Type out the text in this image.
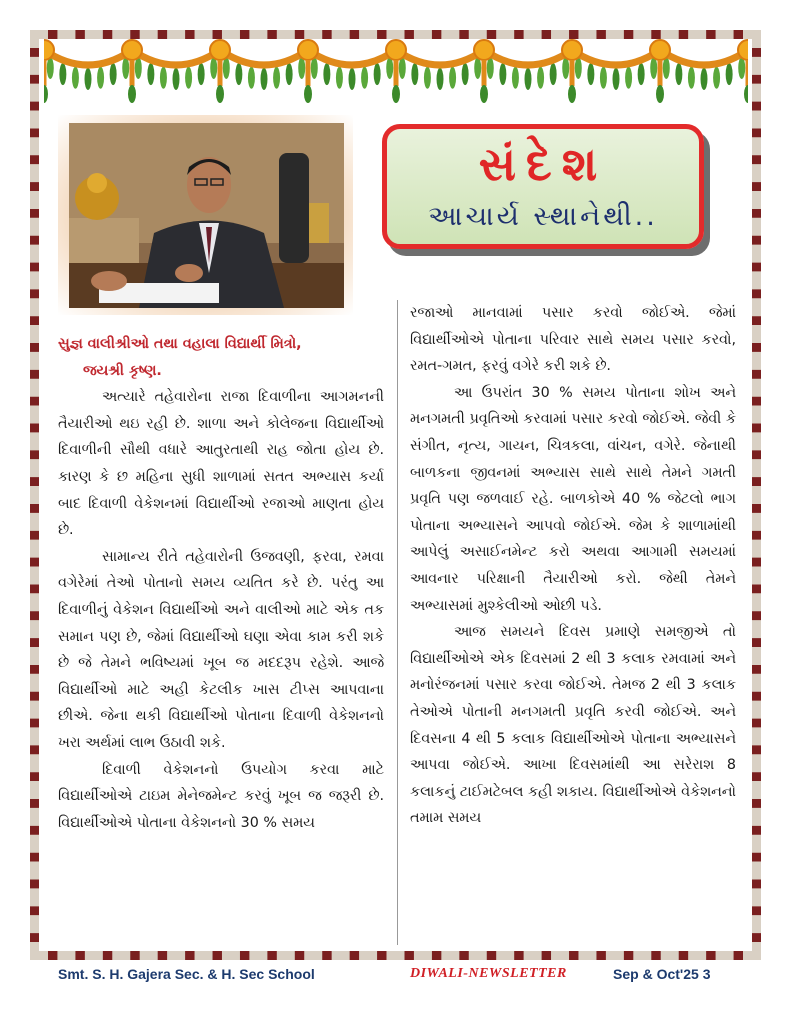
સંદેશ
આચાર્ય સ્થાનેથી..

સુજ્ઞ વાલીશ્રીઓ તથા વહાલા વિદ્યાર્થી મિત્રો,

જયશ્રી કૃષ્ણ.

અત્યારે તહેવારોના રાજા દિવાળીના આગમનની તૈયારીઓ થઇ રહી છે. શાળા અને કોલેજના વિદ્યાર્થીઓ દિવાળીની સૌથી વધારે આતુરતાથી રાહ જોતા હોય છે. કારણ કે છ મહિના સુધી શાળામાં સતત અભ્યાસ કર્યા બાદ દિવાળી વેકેશનમાં વિદ્યાર્થીઓ રજાઓ માણતા હોય છે.

સામાન્ય રીતે તહેવારોની ઉજવણી, ફરવા, રમવા વગેરેમાં તેઓ પોતાનો સમય વ્યતિત કરે છે. પરંતુ આ દિવાળીનું વેકેશન વિદ્યાર્થીઓ અને વાલીઓ માટે એક તક સમાન પણ છે, જેમાં વિદ્યાર્થીઓ ઘણા એવા કામ કરી શકે છે જે તેમને ભવિષ્યમાં ખૂબ જ મદદરૂપ રહેશે. આજે વિદ્યાર્થીઓ માટે અહી કેટલીક ખાસ ટીપ્સ આપવાના છીએ. જેના થકી વિદ્યાર્થીઓ પોતાના દિવાળી વેકેશનનો ખરા અર્થમાં લાભ ઉઠાવી શકે.

દિવાળી વેકેશનનો ઉપયોગ કરવા માટે વિદ્યાર્થીઓએ ટાઇમ મેનેજમેન્ટ કરવું ખૂબ જ જરૂરી છે. વિદ્યાર્થીઓએ પોતાના વેકેશનનો 30 % સમય

રજાઓ માનવામાં પસાર કરવો જોઈએ. જેમાં વિદ્યાર્થીઓએ પોતાના પરિવાર સાથે સમય પસાર કરવો, રમત-ગમત, ફરવું વગેરે કરી શકે છે.

આ ઉપરાંત 30 % સમય પોતાના શોખ અને મનગમતી પ્રવૃતિઓ કરવામાં પસાર કરવો જોઈએ. જેવી કે સંગીત, નૃત્ય, ગાયન, ચિત્રકલા, વાંચન, વગેરે. જેનાથી બાળકના જીવનમાં અભ્યાસ સાથે સાથે તેમને ગમતી પ્રવૃતિ પણ જળવાઈ રહે. બાળકોએ 40 % જેટલો ભાગ પોતાના અભ્યાસને આપવો જોઈએ. જેમ કે શાળામાંથી આપેલું અસાઈનમેન્ટ કરો અથવા આગામી સમયમાં આવનાર પરિક્ષાની તૈયારીઓ કરો. જેથી તેમને અભ્યાસમાં મુશ્કેલીઓ ઓછી પડે.

આજ સમયને દિવસ પ્રમાણે સમજીએ તો વિદ્યાર્થીઓએ એક દિવસમાં 2 થી 3 કલાક રમવામાં અને મનોરંજનમાં પસાર કરવા જોઈએ. તેમજ 2 થી 3 કલાક તેઓએ પોતાની મનગમતી પ્રવૃતિ કરવી જોઈએ. અને દિવસના 4 થી 5 કલાક વિદ્યાર્થીઓએ પોતાના અભ્યાસને આપવા જોઈએ. આખા દિવસમાંથી આ સરેરાશ 8 કલાકનું ટાઈમટેબલ કહી શકાય. વિદ્યાર્થીઓએ વેકેશનનો તમામ સમય

Smt. S. H. Gajera Sec. & H. Sec School	DIWALI-NEWSLETTER	Sep & Oct'25 3
